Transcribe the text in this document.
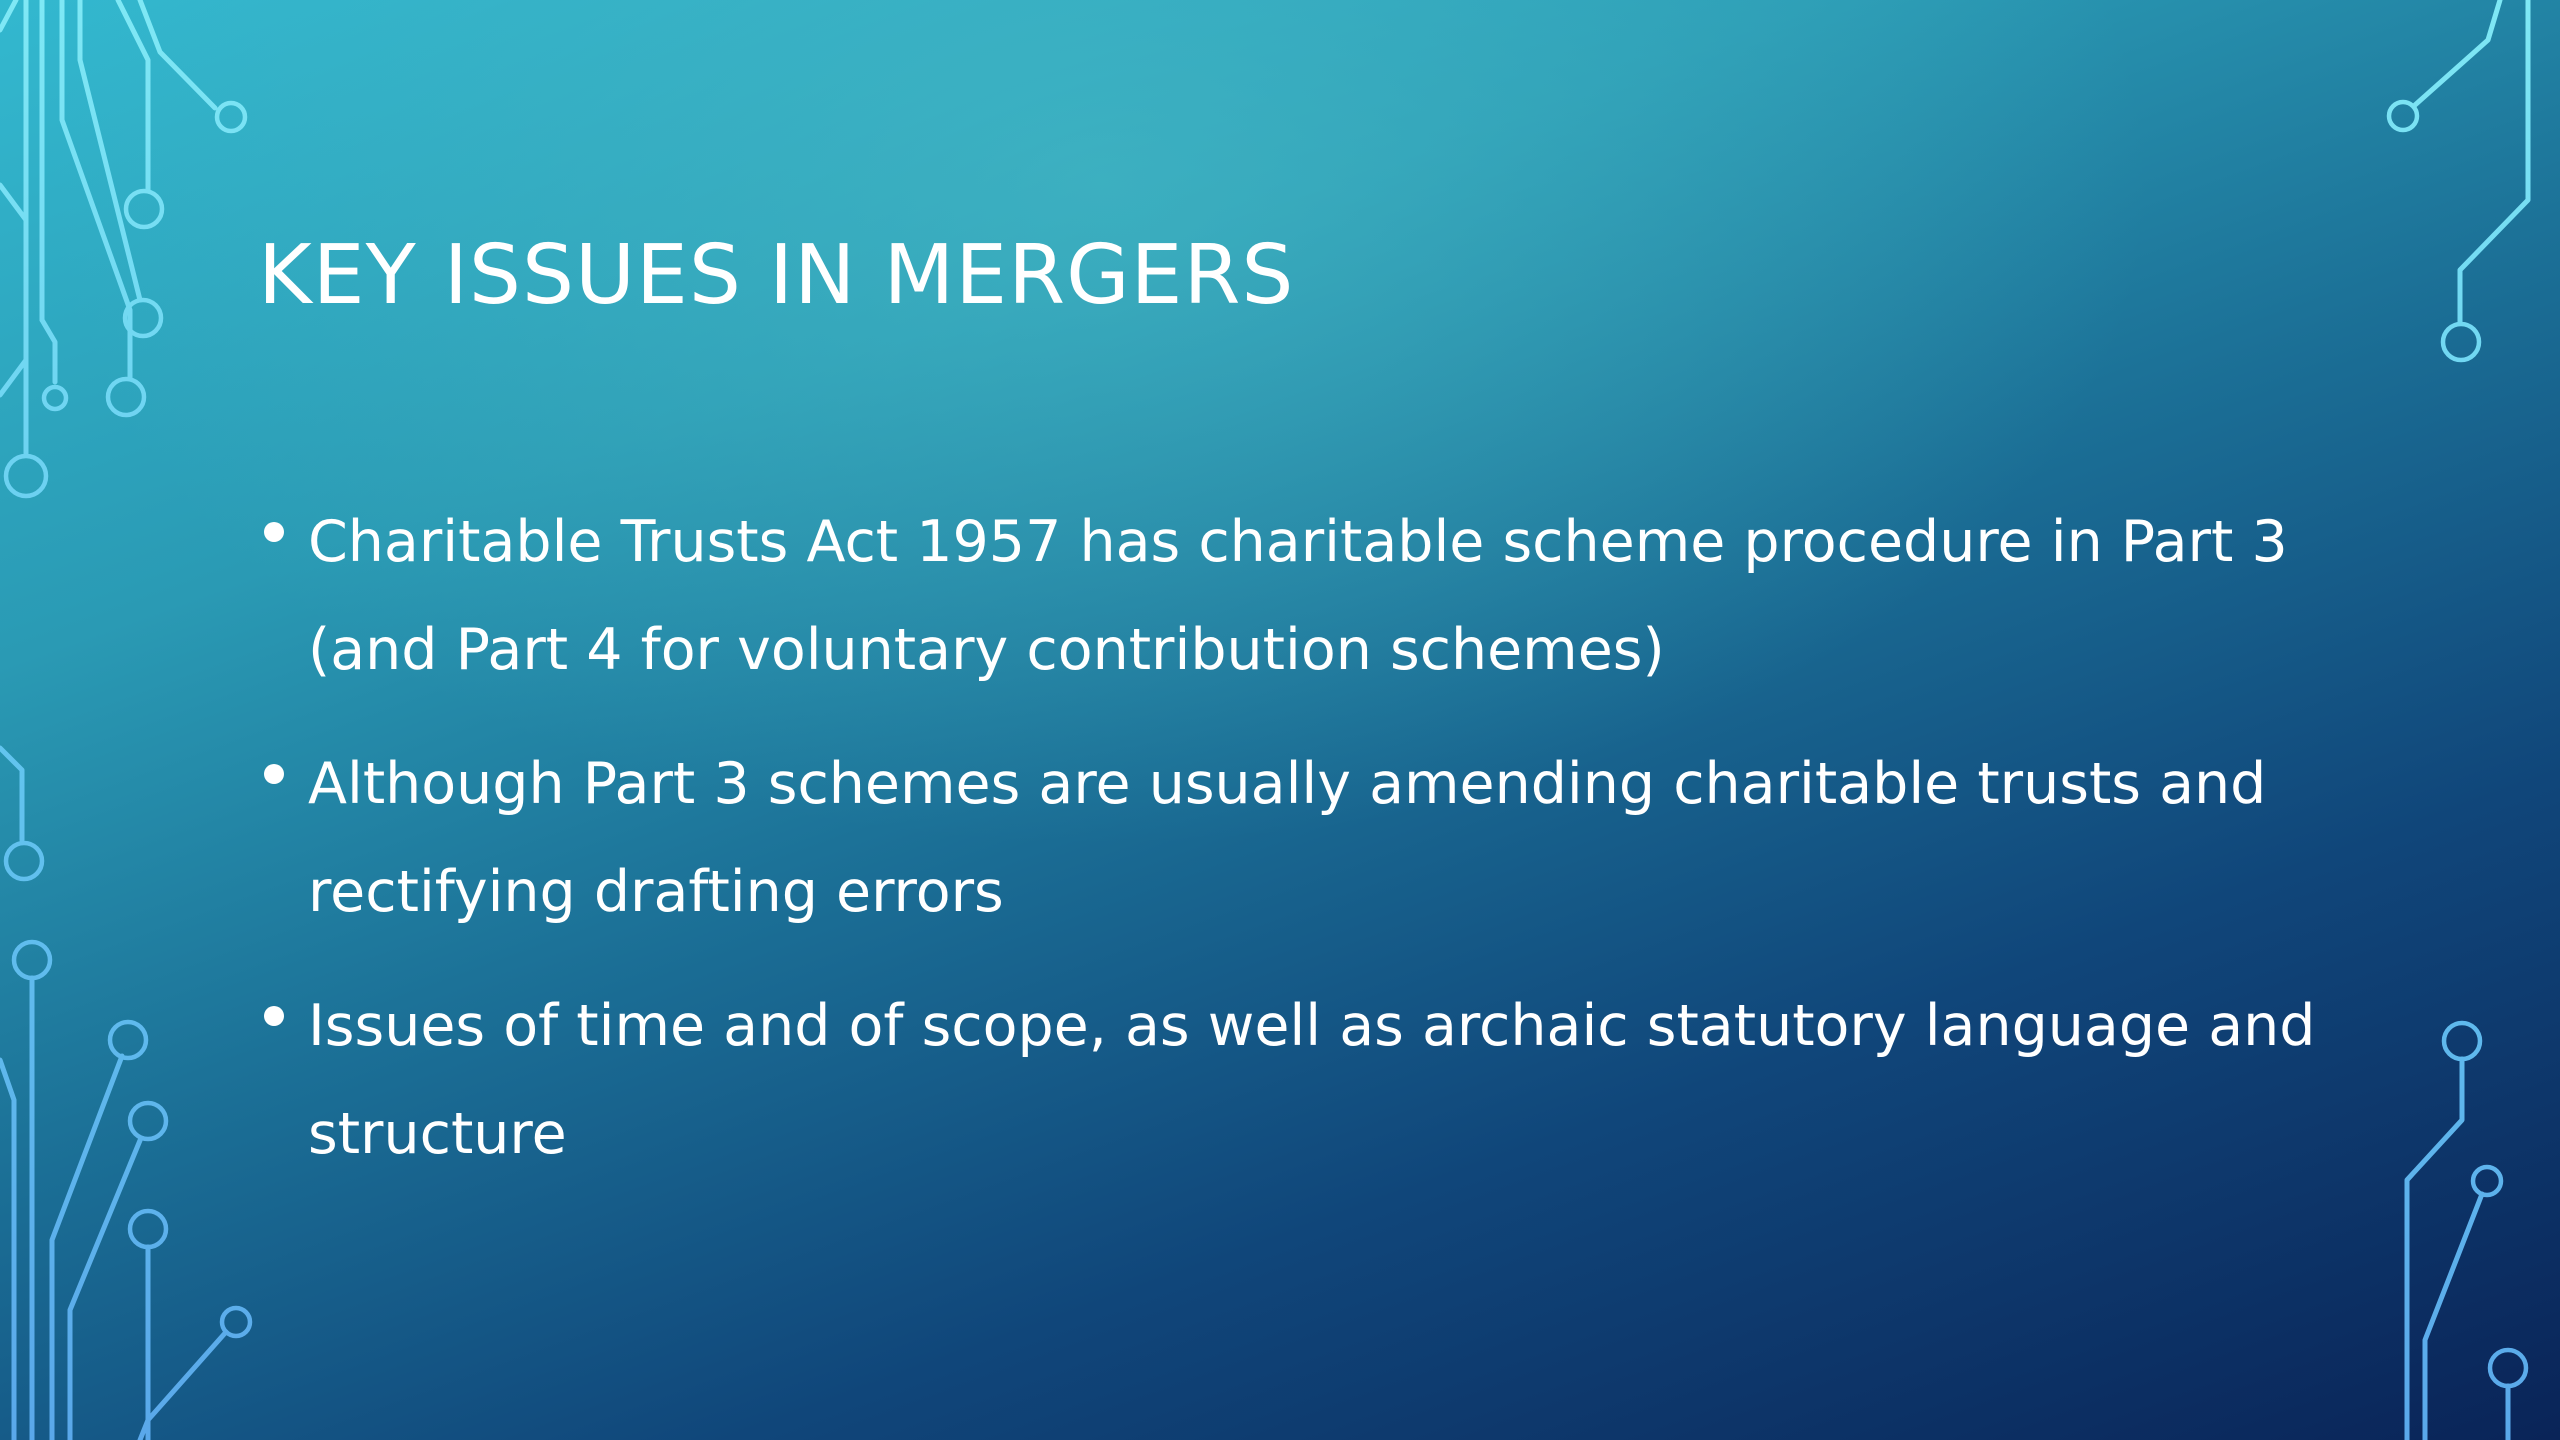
KEY ISSUES IN MERGERS
Charitable Trusts Act 1957 has charitable scheme procedure in Part 3 (and Part 4 for voluntary contribution schemes)
Although Part 3 schemes are usually amending charitable trusts and rectifying drafting errors
Issues of time and of scope, as well as archaic statutory language and structure
